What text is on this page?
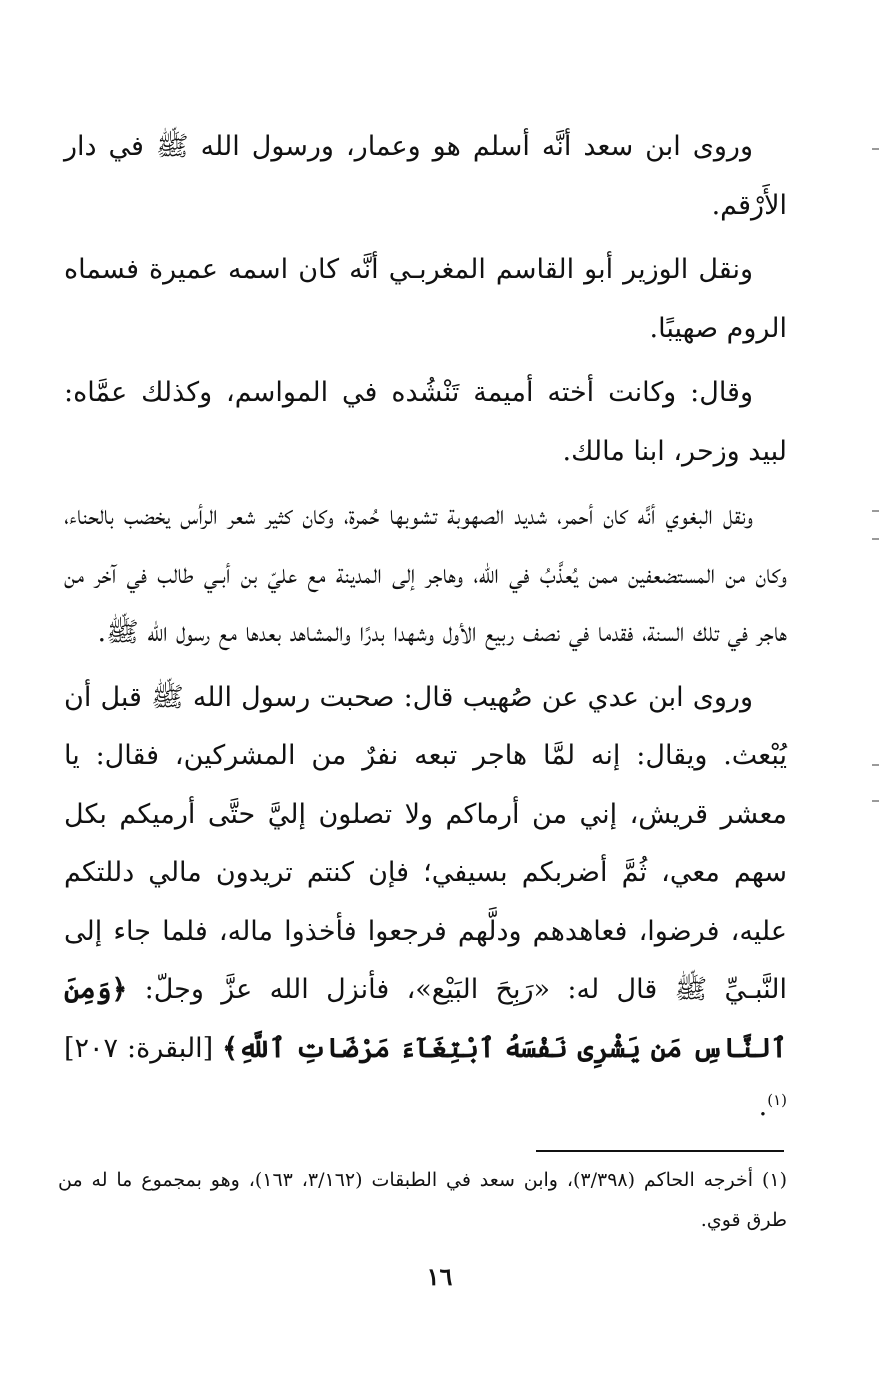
وروى ابن سعد أنَّه أسلم هو وعمار، ورسول الله ﷺ في دار الأَرْقم.

ونقل الوزير أبو القاسم المغربـي أنَّه كان اسمه عميرة فسماه الروم صهيبًا.

وقال: وكانت أخته أميمة تَنْشُده في المواسم، وكذلك عمَّاه: لبيد وزحر، ابنا مالك.

ونقل البغوي أنَّه كان أحمر، شديد الصهوبة تشوبها حُمرة، وكان كثير شعر الرأس يخضب بالحناء، وكان من المستضعفين ممن يُعذَّبُ في الله، وهاجر إلى المدينة مع عليّ بن أبـي طالب في آخر من هاجر في تلك السنة، فقدما في نصف ربيع الأول وشهدا بدرًا والمشاهد بعدها مع رسول الله ﷺ.

وروى ابن عدي عن صُهيب قال: صحبت رسول الله ﷺ قبل أن يُبْعث. ويقال: إنه لمَّا هاجر تبعه نفرٌ من المشركين، فقال: يا معشر قريش، إني من أرماكم ولا تصلون إليَّ حتَّى أرميكم بكل سهم معي، ثُمَّ أضربكم بسيفي؛ فإن كنتم تريدون مالي دللتكم عليه، فرضوا، فعاهدهم ودلَّهم فرجعوا فأخذوا ماله، فلما جاء إلى النَّبـيِّ ﷺ قال له: «رَبِحَ البَيْع»، فأنزل الله عزَّ وجلّ: ﴿وَمِنَ ٱلنَّاسِ مَن يَشْرِى نَفْسَهُ ٱبْتِغَآءَ مَرْضَاتِ ٱللَّهِ﴾ [البقرة: ٢٠٧]$^{(١)}$.

(١) أخرجه الحاكم (٣/٣٩٨)، وابن سعد في الطبقات (٣/١٦٢، ١٦٣)، وهو بمجموع ما له من طرق قوي.

١٦
